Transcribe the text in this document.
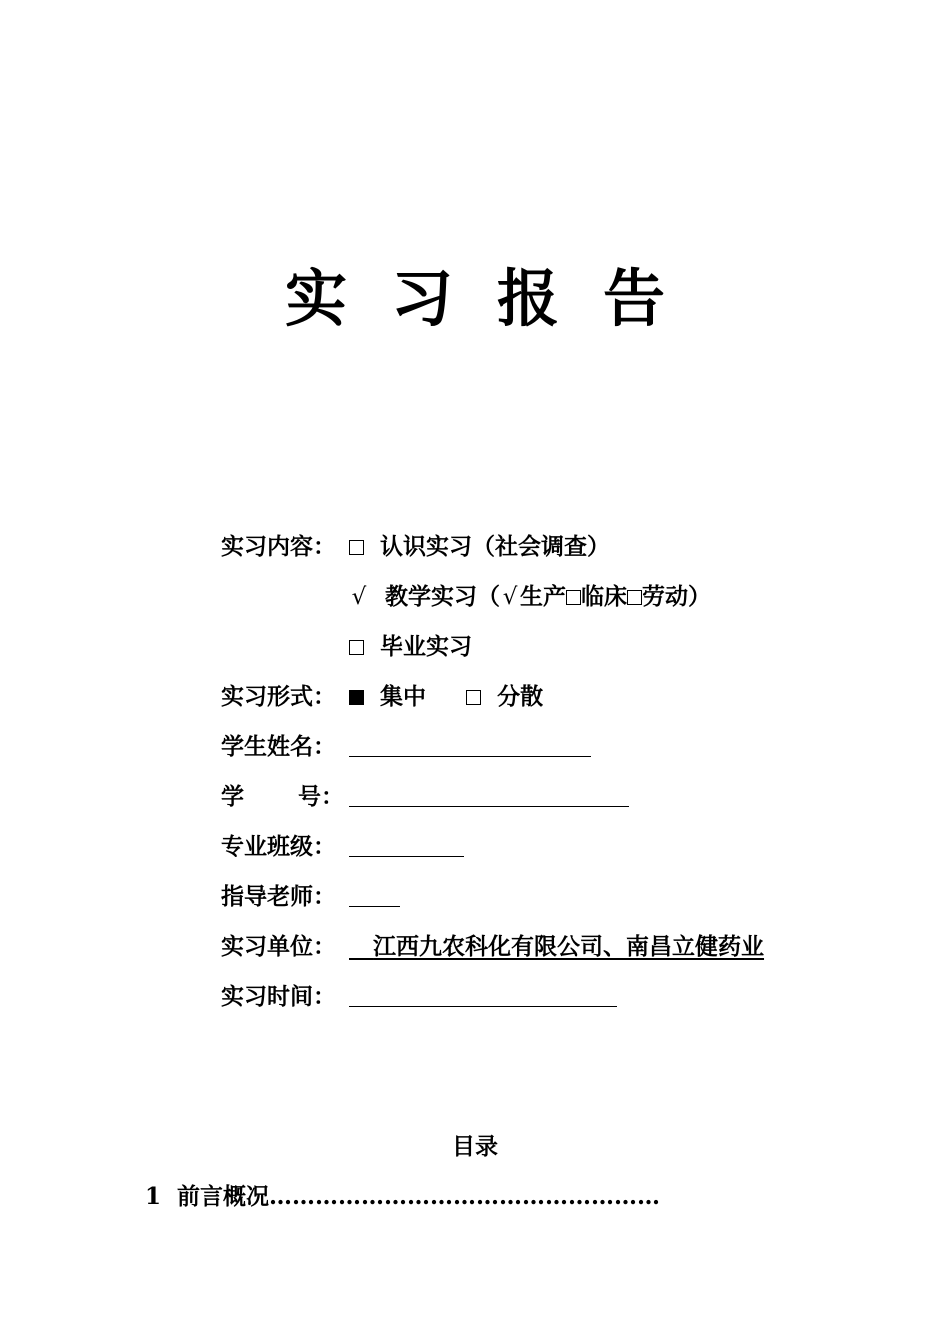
实 习 报 告
实习内容：	认识实习（社会调查）
√ 教学实习（ √ 生产 临床 劳动）
毕业实习
实习形式：	集中	分散
学生姓名：
学 号：
专业班级：
指导老师：
实习单位：	江西九农科化有限公司、南昌立健药业
实习时间：
目录
1 前言概况……………………………………………
